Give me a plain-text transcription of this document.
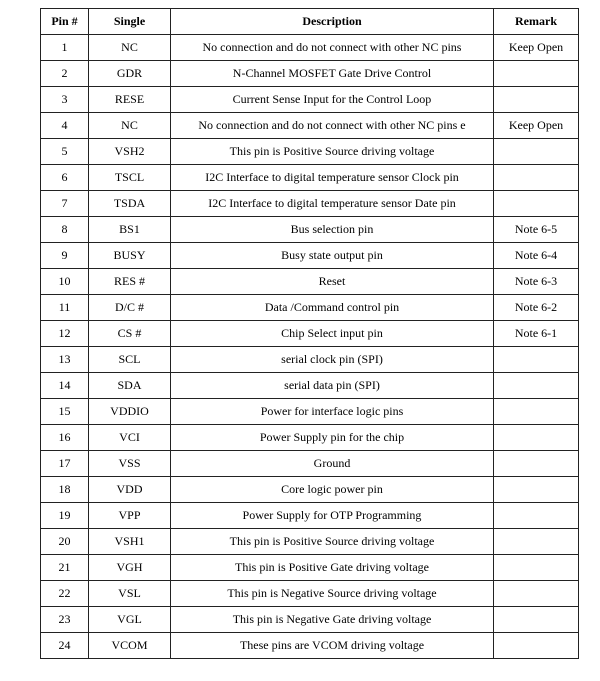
Pin #	Single	Description	Remark
1	NC	No connection and do not connect with other NC pins	Keep Open
2	GDR	N-Channel MOSFET Gate Drive Control	
3	RESE	Current Sense Input for the Control Loop	
4	NC	No connection and do not connect with other NC pins e	Keep Open
5	VSH2	This pin is Positive Source driving voltage	
6	TSCL	I2C Interface to digital temperature sensor Clock pin	
7	TSDA	I2C Interface to digital temperature sensor Date pin	
8	BS1	Bus selection pin	Note 6-5
9	BUSY	Busy state output pin	Note 6-4
10	RES #	Reset	Note 6-3
11	D/C #	Data /Command control pin	Note 6-2
12	CS #	Chip Select input pin	Note 6-1
13	SCL	serial clock pin (SPI)	
14	SDA	serial data pin (SPI)	
15	VDDIO	Power for interface logic pins	
16	VCI	Power Supply pin for the chip	
17	VSS	Ground	
18	VDD	Core logic power pin	
19	VPP	Power Supply for OTP Programming	
20	VSH1	This pin is Positive Source driving voltage	
21	VGH	This pin is Positive Gate driving voltage	
22	VSL	This pin is Negative Source driving voltage	
23	VGL	This pin is Negative Gate driving voltage	
24	VCOM	These pins are VCOM driving voltage	
